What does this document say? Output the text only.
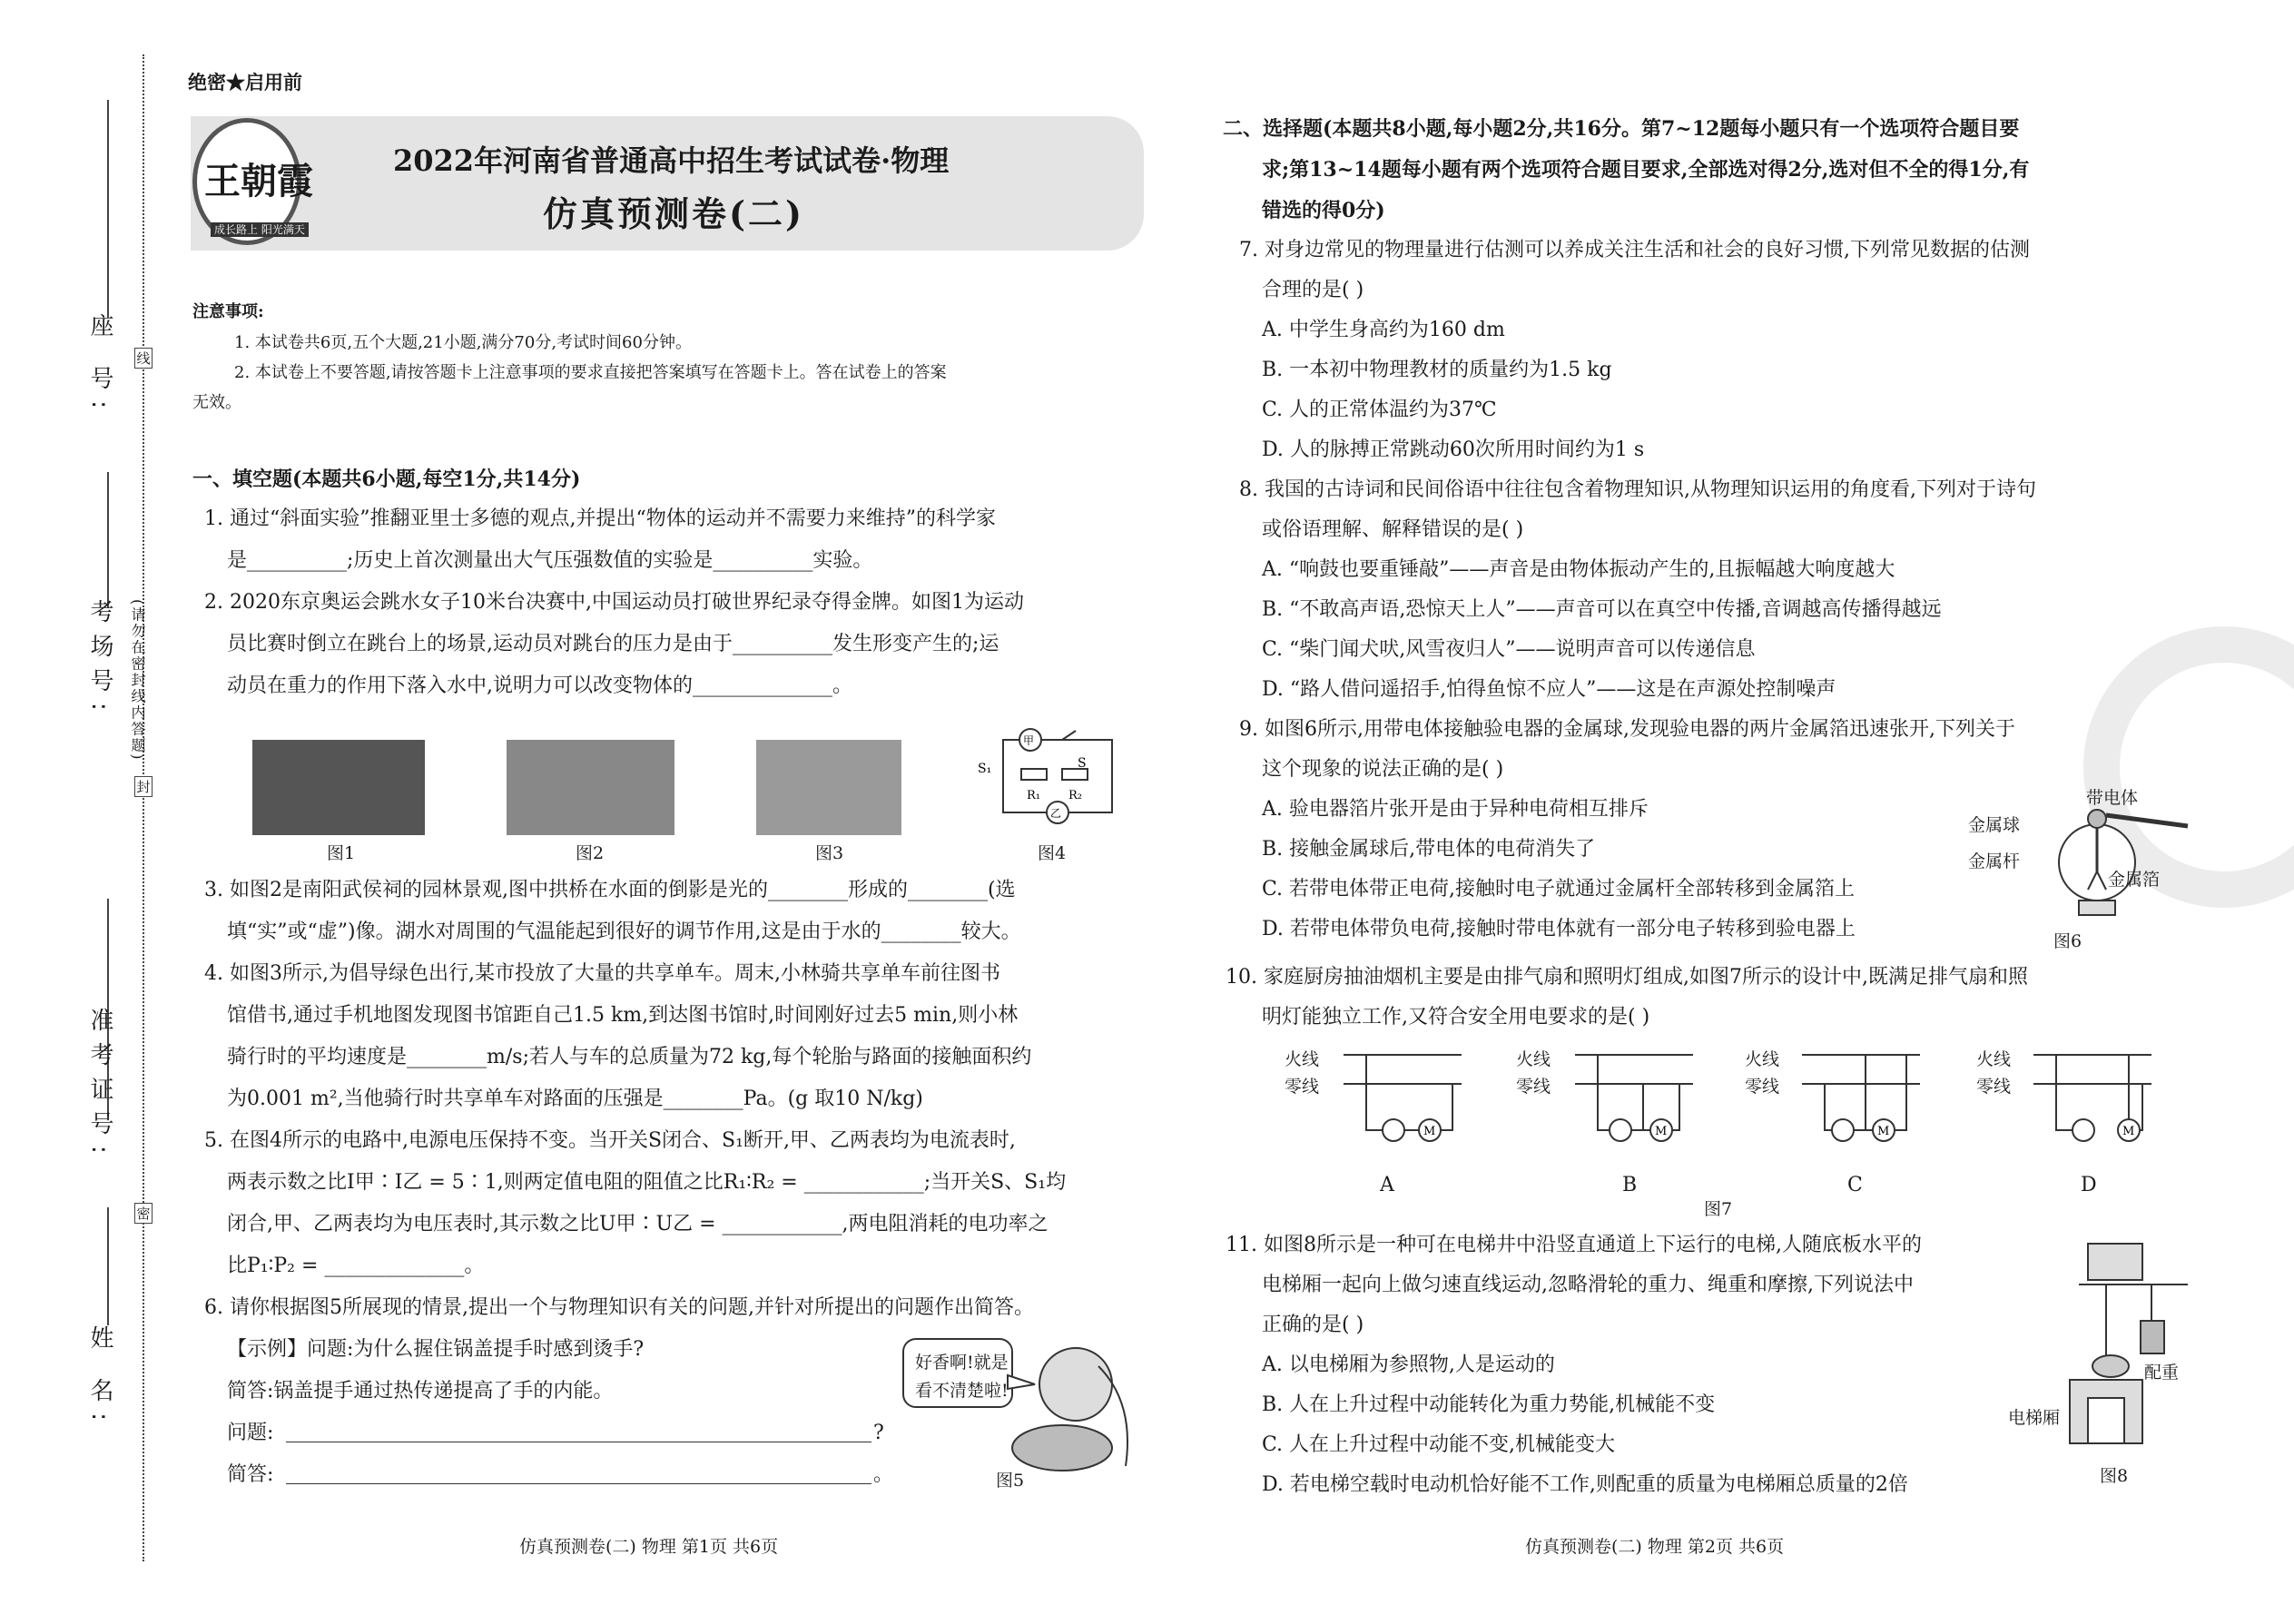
座 号:
考场号:
准考证号:
姓 名:
(请勿在密封线内答题)
线
封
密
绝密★启用前
王朝霞
成长路上 阳光满天
2022年河南省普通高中招生考试试卷·物理
仿真预测卷(二)
注意事项:
1. 本试卷共6页,五个大题,21小题,满分70分,考试时间60分钟。
2. 本试卷上不要答题,请按答题卡上注意事项的要求直接把答案填写在答题卡上。答在试卷上的答案
无效。
一、填空题(本题共6小题,每空1分,共14分)
1. 通过“斜面实验”推翻亚里士多德的观点,并提出“物体的运动并不需要力来维持”的科学家
是__________;历史上首次测量出大气压强数值的实验是__________实验。
2. 2020东京奥运会跳水女子10米台决赛中,中国运动员打破世界纪录夺得金牌。如图1为运动
员比赛时倒立在跳台上的场景,运动员对跳台的压力是由于__________发生形变产生的;运
动员在重力的作用下落入水中,说明力可以改变物体的______________。
甲
乙
S
S₁
R₁ R₂
图1	图2	图3	图4
3. 如图2是南阳武侯祠的园林景观,图中拱桥在水面的倒影是光的________形成的________(选
填“实”或“虚”)像。湖水对周围的气温能起到很好的调节作用,这是由于水的________较大。
4. 如图3所示,为倡导绿色出行,某市投放了大量的共享单车。周末,小林骑共享单车前往图书
馆借书,通过手机地图发现图书馆距自己1.5 km,到达图书馆时,时间刚好过去5 min,则小林
骑行时的平均速度是________m/s;若人与车的总质量为72 kg,每个轮胎与路面的接触面积约
为0.001 m²,当他骑行时共享单车对路面的压强是________Pa。(g 取10 N/kg)
5. 在图4所示的电路中,电源电压保持不变。当开关S闭合、S₁断开,甲、乙两表均为电流表时,
两表示数之比I甲∶I乙 = 5∶1,则两定值电阻的阻值之比R₁∶R₂ = ____________;当开关S、S₁均
闭合,甲、乙两表均为电压表时,其示数之比U甲∶U乙 = ____________,两电阻消耗的电功率之
比P₁∶P₂ = ______________。
6. 请你根据图5所展现的情景,提出一个与物理知识有关的问题,并针对所提出的问题作出简答。
【示例】问题:为什么握住锅盖提手时感到烫手?
简答:锅盖提手通过热传递提高了手的内能。
问题:	?
简答:	。
好香啊!就是
看不清楚啦!
图5
仿真预测卷(二) 物理 第1页 共6页
二、选择题(本题共8小题,每小题2分,共16分。第7~12题每小题只有一个选项符合题目要
求;第13~14题每小题有两个选项符合题目要求,全部选对得2分,选对但不全的得1分,有
错选的得0分)
7. 对身边常见的物理量进行估测可以养成关注生活和社会的良好习惯,下列常见数据的估测
合理的是( )
A. 中学生身高约为160 dm
B. 一本初中物理教材的质量约为1.5 kg
C. 人的正常体温约为37℃
D. 人的脉搏正常跳动60次所用时间约为1 s
8. 我国的古诗词和民间俗语中往往包含着物理知识,从物理知识运用的角度看,下列对于诗句
或俗语理解、解释错误的是( )
A. “响鼓也要重锤敲”——声音是由物体振动产生的,且振幅越大响度越大
B. “不敢高声语,恐惊天上人”——声音可以在真空中传播,音调越高传播得越远
C. “柴门闻犬吠,风雪夜归人”——说明声音可以传递信息
D. “路人借问遥招手,怕得鱼惊不应人”——这是在声源处控制噪声
9. 如图6所示,用带电体接触验电器的金属球,发现验电器的两片金属箔迅速张开,下列关于
这个现象的说法正确的是( )
A. 验电器箔片张开是由于异种电荷相互排斥
B. 接触金属球后,带电体的电荷消失了
C. 若带电体带正电荷,接触时电子就通过金属杆全部转移到金属箔上
D. 若带电体带负电荷,接触时带电体就有一部分电子转移到验电器上
带电体
金属球
金属杆
金属箔
图6
10. 家庭厨房抽油烟机主要是由排气扇和照明灯组成,如图7所示的设计中,既满足排气扇和照
明灯能独立工作,又符合安全用电要求的是( )
M	M	M	M
火线
零线
火线
零线
火线
零线
火线
零线
A	B	C	D
图7
11. 如图8所示是一种可在电梯井中沿竖直通道上下运行的电梯,人随底板水平的
电梯厢一起向上做匀速直线运动,忽略滑轮的重力、绳重和摩擦,下列说法中
正确的是( )
A. 以电梯厢为参照物,人是运动的
B. 人在上升过程中动能转化为重力势能,机械能不变
C. 人在上升过程中动能不变,机械能变大
D. 若电梯空载时电动机恰好能不工作,则配重的质量为电梯厢总质量的2倍
配重
电梯厢
图8
仿真预测卷(二) 物理 第2页 共6页
